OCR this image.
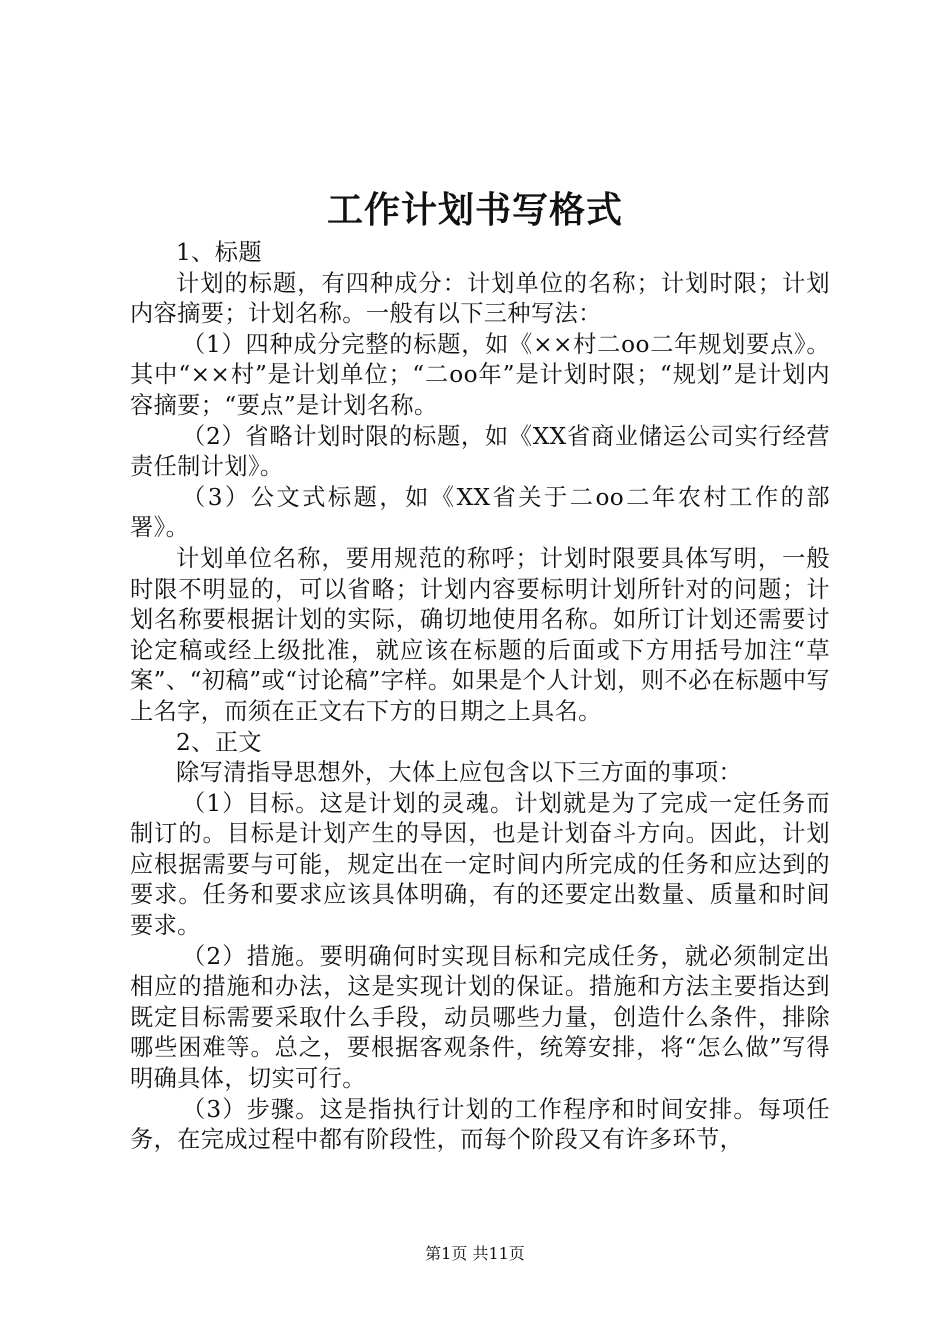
工作计划书写格式

1、标题

计划的标题，有四种成分：计划单位的名称；计划时限；计划内容摘要；计划名称。一般有以下三种写法：

（1）四种成分完整的标题，如《××村二oo二年规划要点》。其中“××村”是计划单位；“二oo年”是计划时限；“规划”是计划内容摘要；“要点”是计划名称。

（2）省略计划时限的标题，如《XX省商业储运公司实行经营责任制计划》。

（3）公文式标题，如《XX省关于二oo二年农村工作的部署》。

计划单位名称，要用规范的称呼；计划时限要具体写明，一般时限不明显的，可以省略；计划内容要标明计划所针对的问题；计划名称要根据计划的实际，确切地使用名称。如所订计划还需要讨论定稿或经上级批准，就应该在标题的后面或下方用括号加注“草案”、“初稿”或“讨论稿”字样。如果是个人计划，则不必在标题中写上名字，而须在正文右下方的日期之上具名。

2、正文

除写清指导思想外，大体上应包含以下三方面的事项：

（1）目标。这是计划的灵魂。计划就是为了完成一定任务而制订的。目标是计划产生的导因，也是计划奋斗方向。因此，计划应根据需要与可能，规定出在一定时间内所完成的任务和应达到的要求。任务和要求应该具体明确，有的还要定出数量、质量和时间要求。

（2）措施。要明确何时实现目标和完成任务，就必须制定出相应的措施和办法，这是实现计划的保证。措施和方法主要指达到既定目标需要采取什么手段，动员哪些力量，创造什么条件，排除哪些困难等。总之，要根据客观条件，统筹安排，将“怎么做”写得明确具体，切实可行。

（3）步骤。这是指执行计划的工作程序和时间安排。每项任务，在完成过程中都有阶段性，而每个阶段又有许多环节，

第1页 共11页
